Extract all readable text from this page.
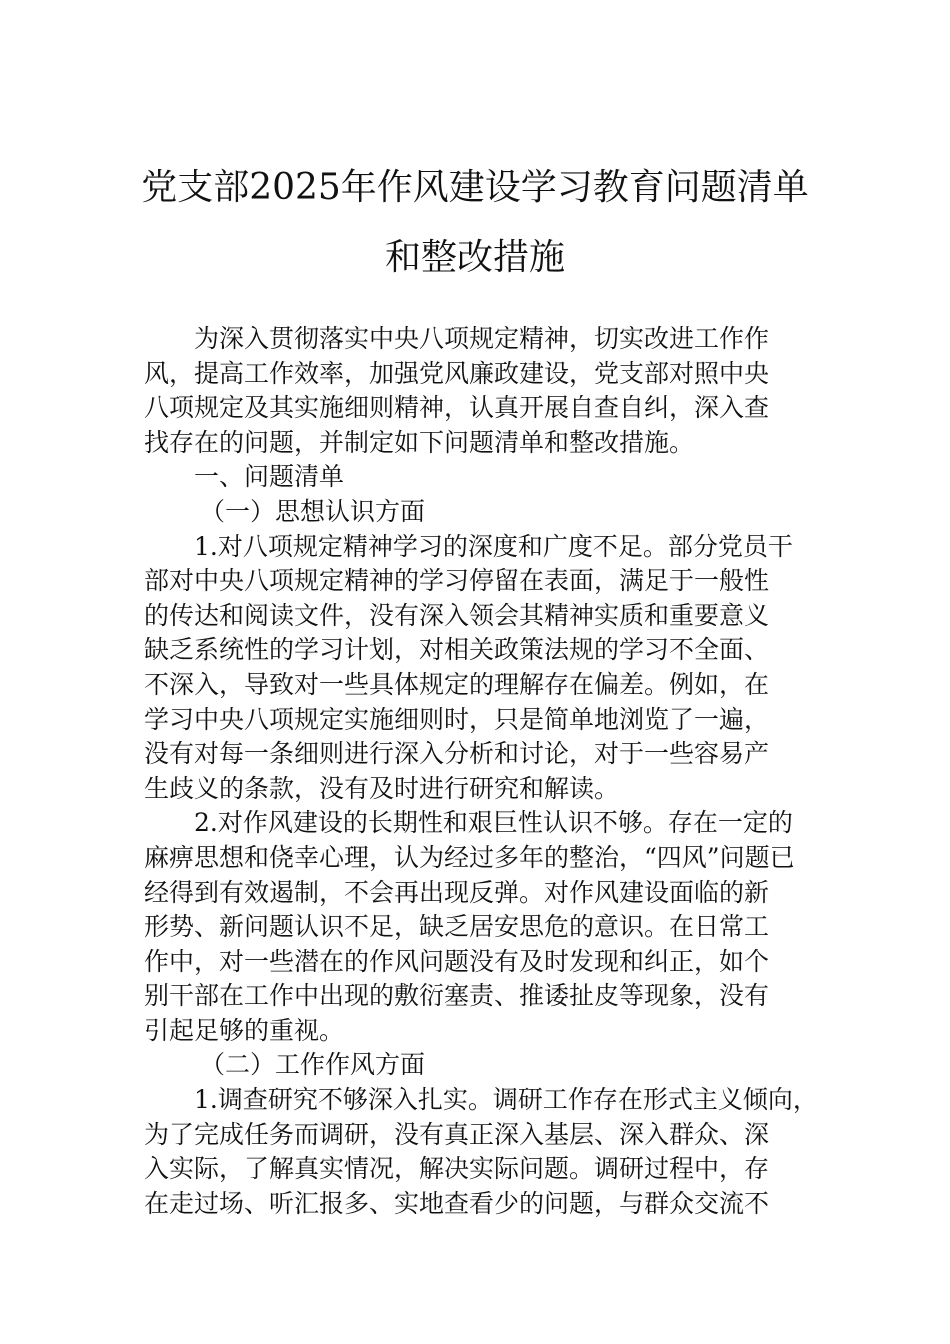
党支部2025年作风建设学习教育问题清单
和整改措施
为深入贯彻落实中央八项规定精神，切实改进工作作
风，提高工作效率，加强党风廉政建设，党支部对照中央
八项规定及其实施细则精神，认真开展自查自纠，深入查
找存在的问题，并制定如下问题清单和整改措施。
一、问题清单
（一）思想认识方面
1.对八项规定精神学习的深度和广度不足。部分党员干
部对中央八项规定精神的学习停留在表面，满足于一般性
的传达和阅读文件，没有深入领会其精神实质和重要意义
缺乏系统性的学习计划，对相关政策法规的学习不全面、
不深入，导致对一些具体规定的理解存在偏差。例如，在
学习中央八项规定实施细则时，只是简单地浏览了一遍，
没有对每一条细则进行深入分析和讨论，对于一些容易产
生歧义的条款，没有及时进行研究和解读。
2.对作风建设的长期性和艰巨性认识不够。存在一定的
麻痹思想和侥幸心理，认为经过多年的整治，“四风”问题已
经得到有效遏制，不会再出现反弹。对作风建设面临的新
形势、新问题认识不足，缺乏居安思危的意识。在日常工
作中，对一些潜在的作风问题没有及时发现和纠正，如个
别干部在工作中出现的敷衍塞责、推诿扯皮等现象，没有
引起足够的重视。
（二）工作作风方面
1.调查研究不够深入扎实。调研工作存在形式主义倾向，
为了完成任务而调研，没有真正深入基层、深入群众、深
入实际，了解真实情况，解决实际问题。调研过程中，存
在走过场、听汇报多、实地查看少的问题，与群众交流不
